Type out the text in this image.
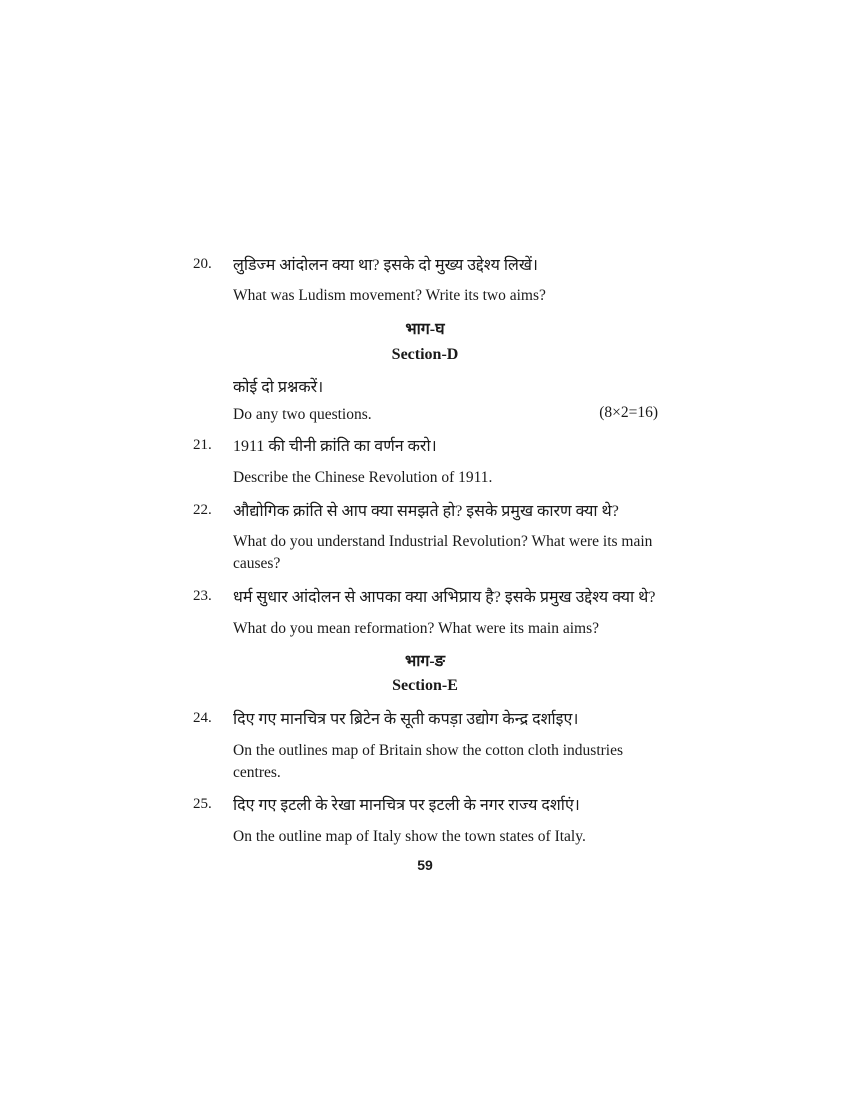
20. लुडिज्म आंदोलन क्या था? इसके दो मुख्य उद्देश्य लिखें।
What was Ludism movement? Write its two aims?
भाग-घ
Section-D
कोई दो प्रश्नकरें।
Do any two questions.	(8×2=16)
21. 1911 की चीनी क्रांति का वर्णन करो।
Describe the Chinese Revolution of 1911.
22. औद्योगिक क्रांति से आप क्या समझते हो? इसके प्रमुख कारण क्या थे?
What do you understand Industrial Revolution? What were its main causes?
23. धर्म सुधार आंदोलन से आपका क्या अभिप्राय है? इसके प्रमुख उद्देश्य क्या थे?
What do you mean reformation? What were its main aims?
भाग-ङ
Section-E
24. दिए गए मानचित्र पर ब्रिटेन के सूती कपड़ा उद्योग केन्द्र दर्शाइए।
On the outlines map of Britain show the cotton cloth industries centres.
25. दिए गए इटली के रेखा मानचित्र पर इटली के नगर राज्य दर्शाएं।
On the outline map of Italy show the town states of Italy.
59
